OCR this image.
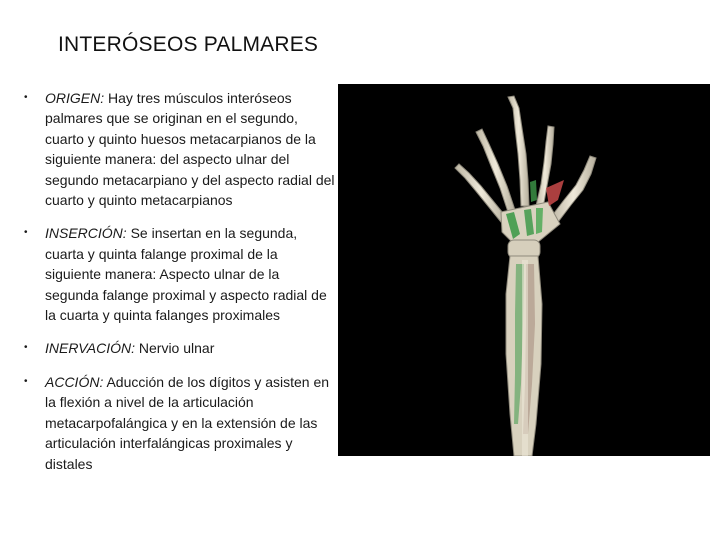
INTERÓSEOS PALMARES
• ORIGEN: Hay tres músculos interóseos palmares que se originan en el segundo, cuarto y quinto huesos metacarpianos de la siguiente manera: del aspecto ulnar del segundo metacarpiano y del aspecto radial del cuarto y quinto metacarpianos
• INSERCIÓN: Se insertan en la segunda, cuarta y quinta falange proximal de la siguiente manera: Aspecto ulnar de la segunda falange proximal y aspecto radial de la cuarta y quinta falanges proximales
• INERVACIÓN: Nervio ulnar
• ACCIÓN: Aducción de los dígitos y asisten en la flexión a nivel de la articulación metacarpofalángica y en la extensión de las articulación interfalángicas proximales y distales
